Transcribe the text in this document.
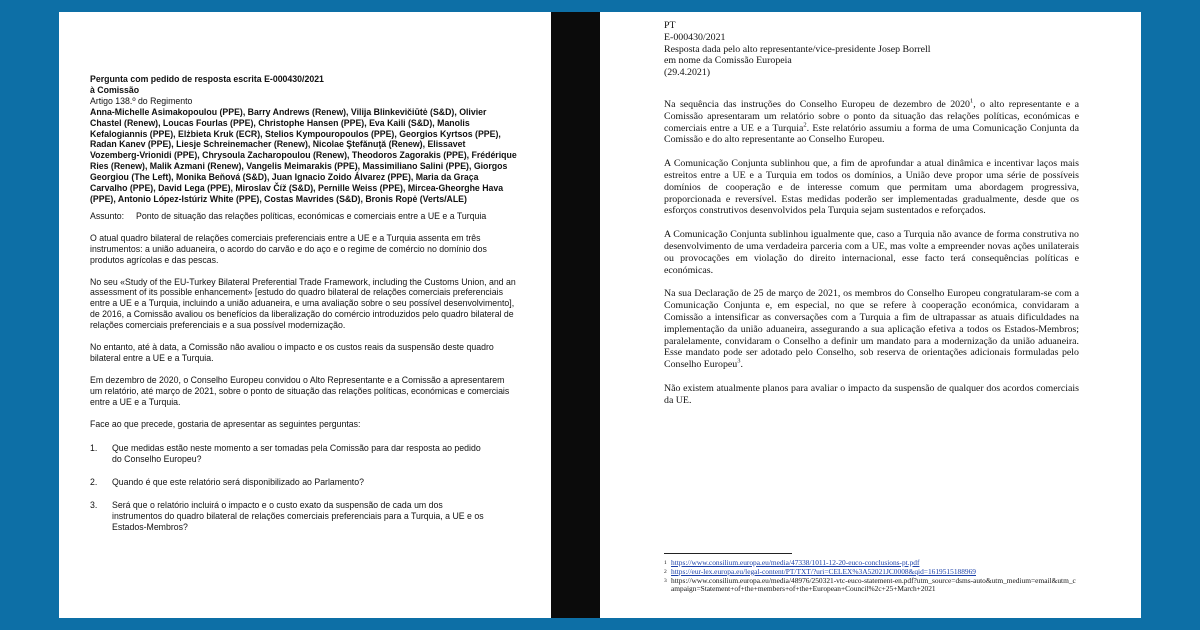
Pergunta com pedido de resposta escrita E-000430/2021

à Comissão

Artigo 138.º do Regimento

Anna-Michelle Asimakopoulou (PPE), Barry Andrews (Renew), Vilija Blinkevičiūtė (S&D), Olivier Chastel (Renew), Loucas Fourlas (PPE), Christophe Hansen (PPE), Eva Kaili (S&D), Manolis Kefalogiannis (PPE), Elżbieta Kruk (ECR), Stelios Kympouropoulos (PPE), Georgios Kyrtsos (PPE), Radan Kanev (PPE), Liesje Schreinemacher (Renew), Nicolae Ştefănuţă (Renew), Elissavet Vozemberg-Vrionidi (PPE), Chrysoula Zacharopoulou (Renew), Theodoros Zagorakis (PPE), Frédérique Ries (Renew), Malik Azmani (Renew), Vangelis Meimarakis (PPE), Massimiliano Salini (PPE), Giorgos Georgiou (The Left), Monika Beňová (S&D), Juan Ignacio Zoido Álvarez (PPE), Maria da Graça Carvalho (PPE), David Lega (PPE), Miroslav Číž (S&D), Pernille Weiss (PPE), Mircea-Gheorghe Hava (PPE), Antonio López-Istúriz White (PPE), Costas Mavrides (S&D), Bronis Ropė (Verts/ALE)

Assunto:	Ponto de situação das relações políticas, económicas e comerciais entre a UE e a Turquia

O atual quadro bilateral de relações comerciais preferenciais entre a UE e a Turquia assenta em três instrumentos: a união aduaneira, o acordo do carvão e do aço e o regime de comércio no domínio dos produtos agrícolas e das pescas.

No seu «Study of the EU-Turkey Bilateral Preferential Trade Framework, including the Customs Union, and an assessment of its possible enhancement» [estudo do quadro bilateral de relações comerciais preferenciais entre a UE e a Turquia, incluindo a união aduaneira, e uma avaliação sobre o seu possível desenvolvimento], de 2016, a Comissão avaliou os benefícios da liberalização do comércio introduzidos pelo quadro bilateral de relações comerciais preferenciais e a sua possível modernização.

No entanto, até à data, a Comissão não avaliou o impacto e os custos reais da suspensão deste quadro bilateral entre a UE e a Turquia.

Em dezembro de 2020, o Conselho Europeu convidou o Alto Representante e a Comissão a apresentarem um relatório, até março de 2021, sobre o ponto de situação das relações políticas, económicas e comerciais entre a UE e a Turquia.

Face ao que precede, gostaria de apresentar as seguintes perguntas:

1.	Que medidas estão neste momento a ser tomadas pela Comissão para dar resposta ao pedido do Conselho Europeu?
2.	Quando é que este relatório será disponibilizado ao Parlamento?
3.	Será que o relatório incluirá o impacto e o custo exato da suspensão de cada um dos instrumentos do quadro bilateral de relações comerciais preferenciais para a Turquia, a UE e os Estados-Membros?

PT

E-000430/2021

Resposta dada pelo alto representante/vice-presidente Josep Borrell

em nome da Comissão Europeia

(29.4.2021)

Na sequência das instruções do Conselho Europeu de dezembro de 2020$^1$, o alto representante e a Comissão apresentaram um relatório sobre o ponto da situação das relações políticas, económicas e comerciais entre a UE e a Turquia$^2$. Este relatório assumiu a forma de uma Comunicação Conjunta da Comissão e do alto representante ao Conselho Europeu.

A Comunicação Conjunta sublinhou que, a fim de aprofundar a atual dinâmica e incentivar laços mais estreitos entre a UE e a Turquia em todos os domínios, a União deve propor uma série de possíveis domínios de cooperação e de interesse comum que permitam uma abordagem progressiva, proporcionada e reversível. Estas medidas poderão ser implementadas gradualmente, desde que os esforços construtivos desenvolvidos pela Turquia sejam sustentados e reforçados.

A Comunicação Conjunta sublinhou igualmente que, caso a Turquia não avance de forma construtiva no desenvolvimento de uma verdadeira parceria com a UE, mas volte a empreender novas ações unilaterais ou provocações em violação do direito internacional, esse facto terá consequências políticas e económicas.

Na sua Declaração de 25 de março de 2021, os membros do Conselho Europeu congratularam-se com a Comunicação Conjunta e, em especial, no que se refere à cooperação económica, convidaram a Comissão a intensificar as conversações com a Turquia a fim de ultrapassar as atuais dificuldades na implementação da união aduaneira, assegurando a sua aplicação efetiva a todos os Estados-Membros; paralelamente, convidaram o Conselho a definir um mandato para a modernização da união aduaneira. Esse mandato pode ser adotado pelo Conselho, sob reserva de orientações adicionais formuladas pelo Conselho Europeu$^3$.

Não existem atualmente planos para avaliar o impacto da suspensão de qualquer dos acordos comerciais da UE.

1 https://www.consilium.europa.eu/media/47338/1011-12-20-euco-conclusions-pt.pdf
2 https://eur-lex.europa.eu/legal-content/PT/TXT/?uri=CELEX%3A52021JC0008&qid=1619515188969
3 https://www.consilium.europa.eu/media/48976/250321-vtc-euco-statement-en.pdf?utm_source=dsms-auto&utm_medium=email&utm_campaign=Statement+of+the+members+of+the+European+Council%2c+25+March+2021
